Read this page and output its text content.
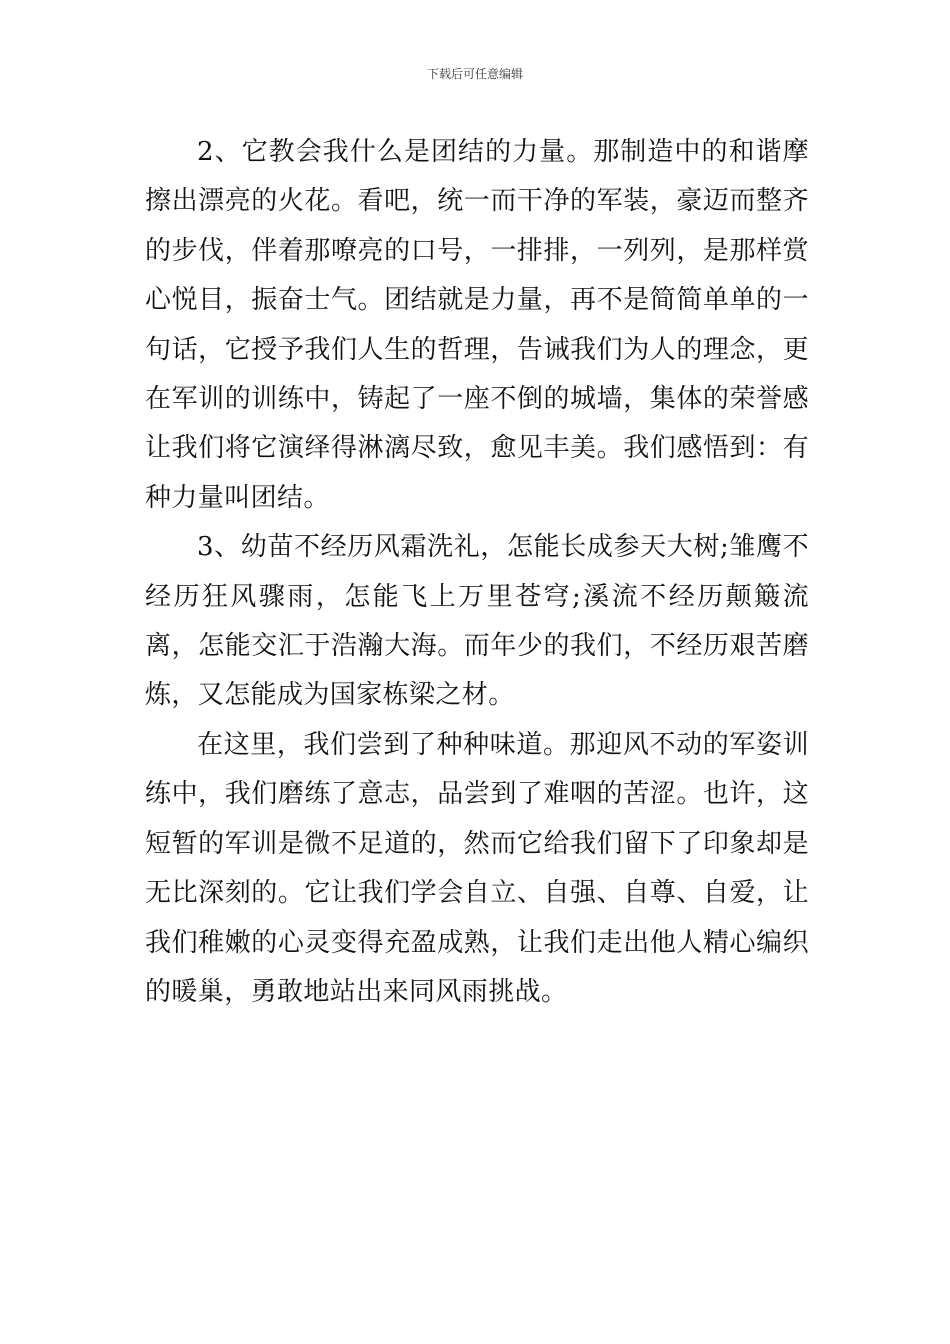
下载后可任意编辑

2、它教会我什么是团结的力量。那制造中的和谐摩擦出漂亮的火花。看吧，统一而干净的军装，豪迈而整齐的步伐，伴着那嘹亮的口号，一排排，一列列，是那样赏心悦目，振奋士气。团结就是力量，再不是简简单单的一句话，它授予我们人生的哲理，告诫我们为人的理念，更在军训的训练中，铸起了一座不倒的城墙，集体的荣誉感让我们将它演绎得淋漓尽致，愈见丰美。我们感悟到：有种力量叫团结。

3、幼苗不经历风霜洗礼，怎能长成参天大树;雏鹰不经历狂风骤雨，怎能飞上万里苍穹;溪流不经历颠簸流离，怎能交汇于浩瀚大海。而年少的我们，不经历艰苦磨炼，又怎能成为国家栋梁之材。

在这里，我们尝到了种种味道。那迎风不动的军姿训练中，我们磨练了意志，品尝到了难咽的苦涩。也许，这短暂的军训是微不足道的，然而它给我们留下了印象却是无比深刻的。它让我们学会自立、自强、自尊、自爱，让我们稚嫩的心灵变得充盈成熟，让我们走出他人精心编织的暖巢，勇敢地站出来同风雨挑战。
